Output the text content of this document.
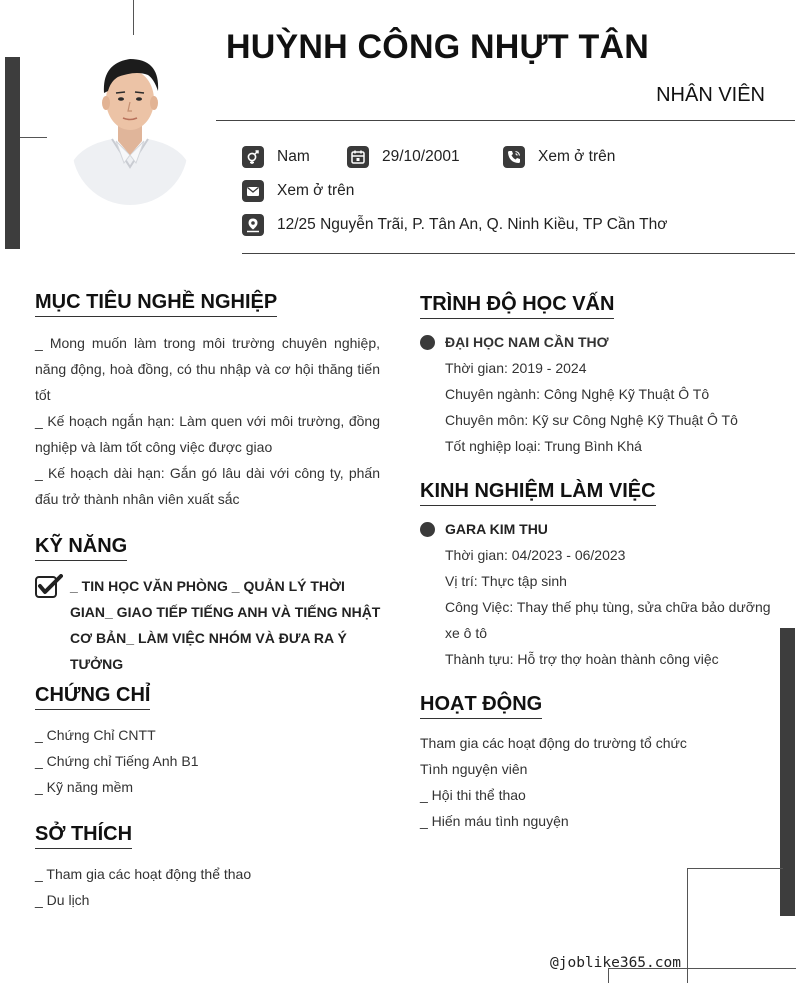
HUỲNH CÔNG NHỰT TÂN
NHÂN VIÊN
Nam	29/10/2001	Xem ở trên
Xem ở trên
12/25 Nguyễn Trãi, P. Tân An, Q. Ninh Kiều, TP Cần Thơ
MỤC TIÊU NGHỀ NGHIỆP
_ Mong muốn làm trong môi trường chuyên nghiệp, năng động, hoà đồng, có thu nhập và cơ hội thăng tiến tốt
_ Kế hoạch ngắn hạn: Làm quen với môi trường, đồng nghiệp và làm tốt công việc được giao
_ Kế hoạch dài hạn: Gắn gó lâu dài với công ty, phấn đấu trở thành nhân viên xuất sắc
KỸ NĂNG
_ TIN HỌC VĂN PHÒNG _ QUẢN LÝ THỜI GIAN_ GIAO TIẾP TIẾNG ANH VÀ TIẾNG NHẬT CƠ BẢN_ LÀM VIỆC NHÓM VÀ ĐƯA RA Ý TƯỞNG
CHỨNG CHỈ
_ Chứng Chỉ CNTT
_ Chứng chỉ Tiếng Anh B1
_ Kỹ năng mềm
SỞ THÍCH
_ Tham gia các hoạt động thể thao
_ Du lịch
TRÌNH ĐỘ HỌC VẤN
ĐẠI HỌC NAM CẦN THƠ
Thời gian: 2019 - 2024
Chuyên ngành: Công Nghệ Kỹ Thuật Ô Tô
Chuyên môn: Kỹ sư Công Nghệ Kỹ Thuật Ô Tô
Tốt nghiệp loại: Trung Bình Khá
KINH NGHIỆM LÀM VIỆC
GARA KIM THU
Thời gian: 04/2023 - 06/2023
Vị trí: Thực tập sinh
Công Việc: Thay thế phụ tùng, sửa chữa bảo dưỡng xe ô tô
Thành tựu: Hỗ trợ thợ hoàn thành công việc
HOẠT ĐỘNG
Tham gia các hoạt động do trường tổ chức
Tình nguyện viên
_ Hội thi thể thao
_ Hiến máu tình nguyện
@joblike365.com
